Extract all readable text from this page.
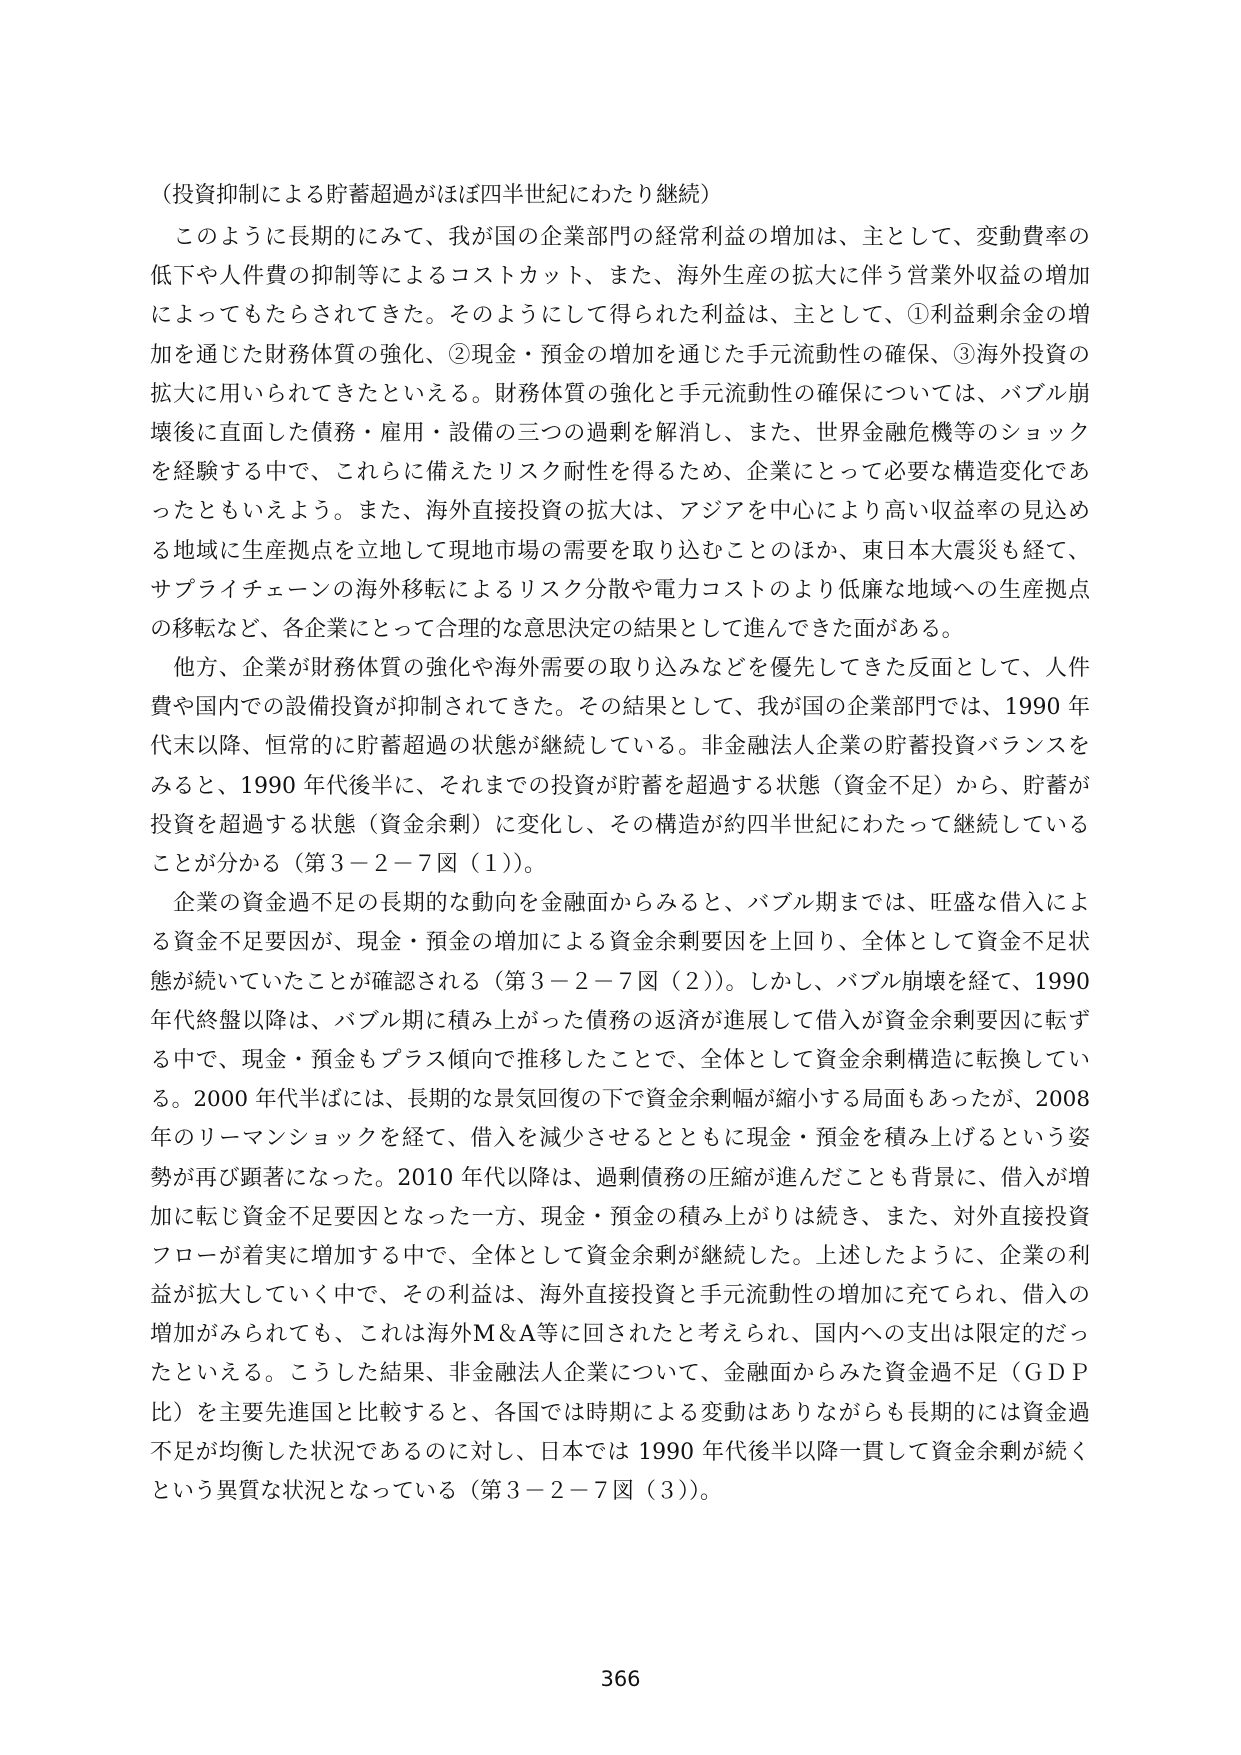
（投資抑制による貯蓄超過がほぼ四半世紀にわたり継続）
　このように長期的にみて、我が国の企業部門の経常利益の増加は、主として、変動費率の
低下や人件費の抑制等によるコストカット、また、海外生産の拡大に伴う営業外収益の増加
によってもたらされてきた。そのようにして得られた利益は、主として、①利益剰余金の増
加を通じた財務体質の強化、②現金・預金の増加を通じた手元流動性の確保、③海外投資の
拡大に用いられてきたといえる。財務体質の強化と手元流動性の確保については、バブル崩
壊後に直面した債務・雇用・設備の三つの過剰を解消し、また、世界金融危機等のショック
を経験する中で、これらに備えたリスク耐性を得るため、企業にとって必要な構造変化であ
ったともいえよう。また、海外直接投資の拡大は、アジアを中心により高い収益率の見込め
る地域に生産拠点を立地して現地市場の需要を取り込むことのほか、東日本大震災も経て、
サプライチェーンの海外移転によるリスク分散や電力コストのより低廉な地域への生産拠点
の移転など、各企業にとって合理的な意思決定の結果として進んできた面がある。
　他方、企業が財務体質の強化や海外需要の取り込みなどを優先してきた反面として、人件
費や国内での設備投資が抑制されてきた。その結果として、我が国の企業部門では、1990 年
代末以降、恒常的に貯蓄超過の状態が継続している。非金融法人企業の貯蓄投資バランスを
みると、1990 年代後半に、それまでの投資が貯蓄を超過する状態（資金不足）から、貯蓄が
投資を超過する状態（資金余剰）に変化し、その構造が約四半世紀にわたって継続している
ことが分かる（第３－２－７図（１））。
　企業の資金過不足の長期的な動向を金融面からみると、バブル期までは、旺盛な借入によ
る資金不足要因が、現金・預金の増加による資金余剰要因を上回り、全体として資金不足状
態が続いていたことが確認される（第３－２－７図（２））。しかし、バブル崩壊を経て、1990
年代終盤以降は、バブル期に積み上がった債務の返済が進展して借入が資金余剰要因に転ず
る中で、現金・預金もプラス傾向で推移したことで、全体として資金余剰構造に転換してい
る。2000 年代半ばには、長期的な景気回復の下で資金余剰幅が縮小する局面もあったが、2008
年のリーマンショックを経て、借入を減少させるとともに現金・預金を積み上げるという姿
勢が再び顕著になった。2010 年代以降は、過剰債務の圧縮が進んだことも背景に、借入が増
加に転じ資金不足要因となった一方、現金・預金の積み上がりは続き、また、対外直接投資
フローが着実に増加する中で、全体として資金余剰が継続した。上述したように、企業の利
益が拡大していく中で、その利益は、海外直接投資と手元流動性の増加に充てられ、借入の
増加がみられても、これは海外M＆A等に回されたと考えられ、国内への支出は限定的だっ
たといえる。こうした結果、非金融法人企業について、金融面からみた資金過不足（ＧＤＰ
比）を主要先進国と比較すると、各国では時期による変動はありながらも長期的には資金過
不足が均衡した状況であるのに対し、日本では 1990 年代後半以降一貫して資金余剰が続く
という異質な状況となっている（第３－２－７図（３））。
366
